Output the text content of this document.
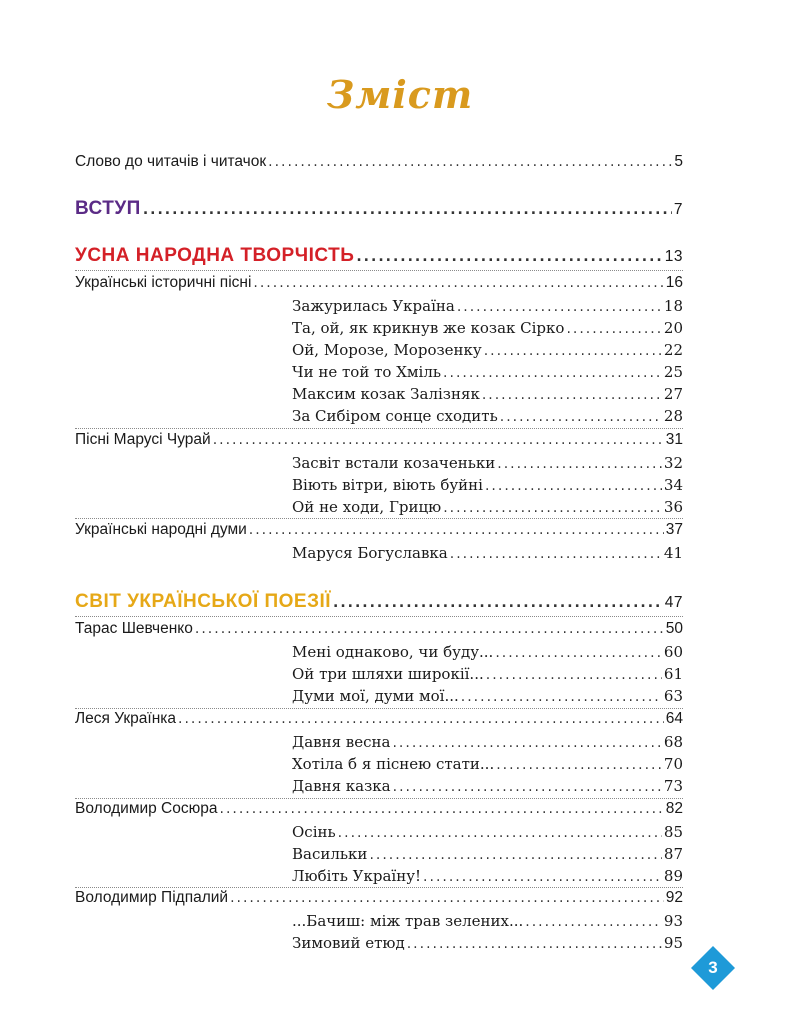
Зміст
Слово до читачів і читачок .....	5
ВСТУП .....	7
УСНА НАРОДНА ТВОРЧІСТЬ .....	13
Українські історичні пісні .....	16
Зажурилась Україна .....	18
Та, ой, як крикнув же козак Сірко .....	20
Ой, Морозе, Морозенку .....	22
Чи не той то Хміль .....	25
Максим козак Залізняк .....	27
За Сибіром сонце сходить .....	28
Пісні Марусі Чурай .....	31
Засвіт встали козаченьки .....	32
Віють вітри, віють буйні .....	34
Ой не ходи, Грицю .....	36
Українські народні думи .....	37
Маруся Богуславка .....	41
СВІТ УКРАЇНСЬКОЇ ПОЕЗІЇ .....	47
Тарас Шевченко .....	50
Мені однаково, чи буду... .....	60
Ой три шляхи широкії... .....	61
Думи мої, думи мої... .....	63
Леся Українка .....	64
Давня весна .....	68
Хотіла б я піснею стати... .....	70
Давня казка .....	73
Володимир Сосюра .....	82
Осінь .....	85
Васильки .....	87
Любіть Україну! .....	89
Володимир Підпалий .....	92
...Бачиш: між трав зелених... .....	93
Зимовий етюд .....	95
3
